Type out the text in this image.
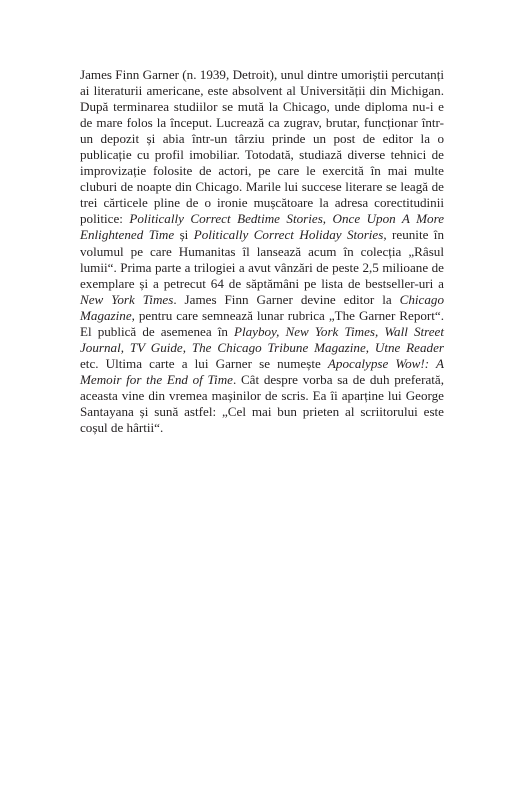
James Finn Garner (n. 1939, Detroit), unul dintre umoriștii percutanți ai literaturii americane, este absolvent al Universității din Michigan. După terminarea studiilor se mută la Chicago, unde diploma nu-i e de mare folos la început. Lucrează ca zugrav, brutar, funcționar într-un depozit și abia într-un târziu prinde un post de editor la o publicație cu profil imobiliar. Totodată, studiază diverse tehnici de improvizație folosite de actori, pe care le exercită în mai multe cluburi de noapte din Chicago. Marile lui succese literare se leagă de trei cărticele pline de o ironie mușcătoare la adresa corectitudinii politice: Politically Correct Bedtime Stories, Once Upon A More Enlightened Time și Politically Correct Holiday Stories, reunite în volumul pe care Humanitas îl lansează acum în colecția „Râsul lumii“. Prima parte a trilogiei a avut vânzări de peste 2,5 milioane de exemplare și a petrecut 64 de săptămâni pe lista de bestseller-uri a New York Times. James Finn Garner devine editor la Chicago Magazine, pentru care semnează lunar rubrica „The Garner Report“. El publică de asemenea în Playboy, New York Times, Wall Street Journal, TV Guide, The Chicago Tribune Magazine, Utne Reader etc. Ultima carte a lui Garner se numește Apocalypse Wow!: A Memoir for the End of Time. Cât despre vorba sa de duh preferată, aceasta vine din vremea mașinilor de scris. Ea îi aparține lui George Santayana și sună astfel: „Cel mai bun prieten al scriitorului este coșul de hârtii“.
